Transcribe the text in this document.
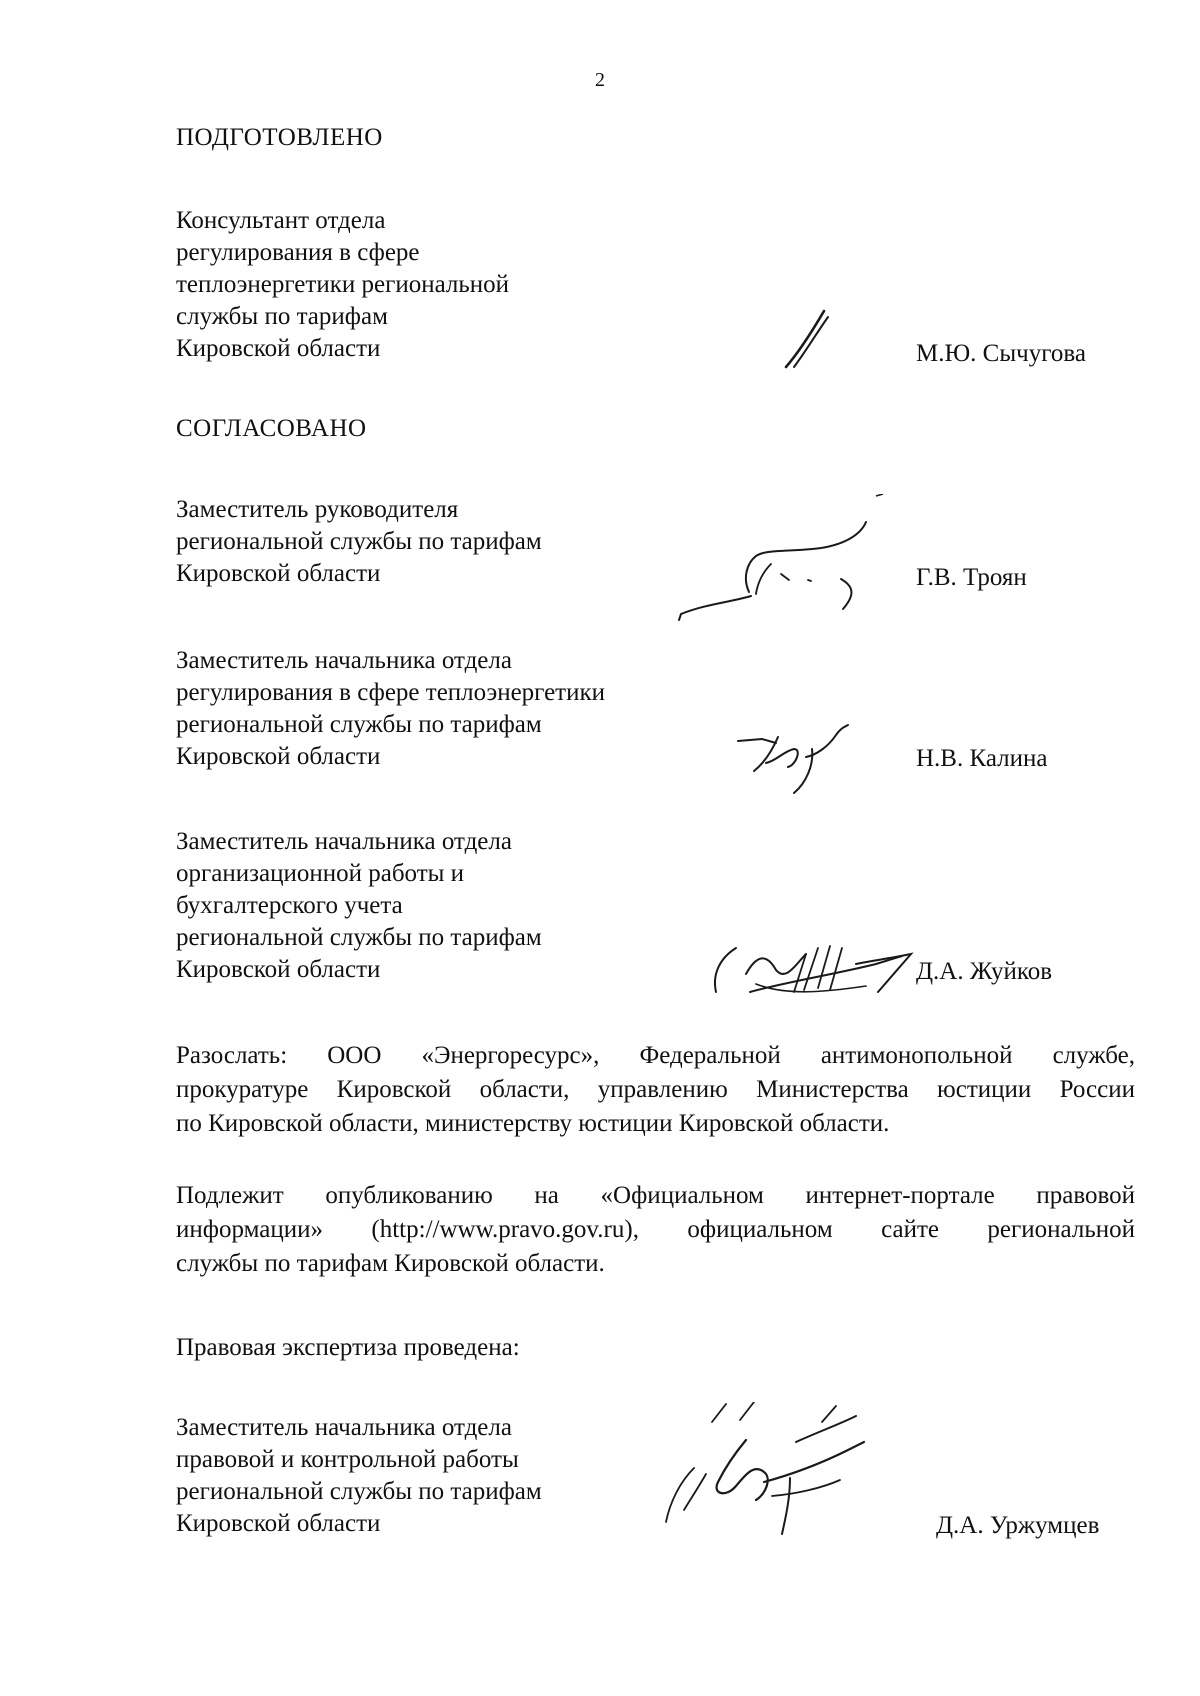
2
ПОДГОТОВЛЕНО
Консультант отдела
регулирования в сфере
теплоэнергетики региональной
службы по тарифам
Кировской области	М.Ю. Сычугова
СОГЛАСОВАНО
Заместитель руководителя
региональной службы по тарифам
Кировской области	Г.В. Троян
Заместитель начальника отдела
регулирования в сфере теплоэнергетики
региональной службы по тарифам
Кировской области	Н.В. Калина
Заместитель начальника отдела
организационной работы и
бухгалтерского учета
региональной службы по тарифам
Кировской области	Д.А. Жуйков
Разослать: ООО «Энергоресурс», Федеральной антимонопольной службе,
прокуратуре Кировской области, управлению Министерства юстиции России
по Кировской области, министерству юстиции Кировской области.
Подлежит опубликованию на «Официальном интернет-портале правовой
информации» (http://www.pravo.gov.ru), официальном сайте региональной
службы по тарифам Кировской области.
Правовая экспертиза проведена:
Заместитель начальника отдела
правовой и контрольной работы
региональной службы по тарифам
Кировской области	Д.А. Уржумцев
